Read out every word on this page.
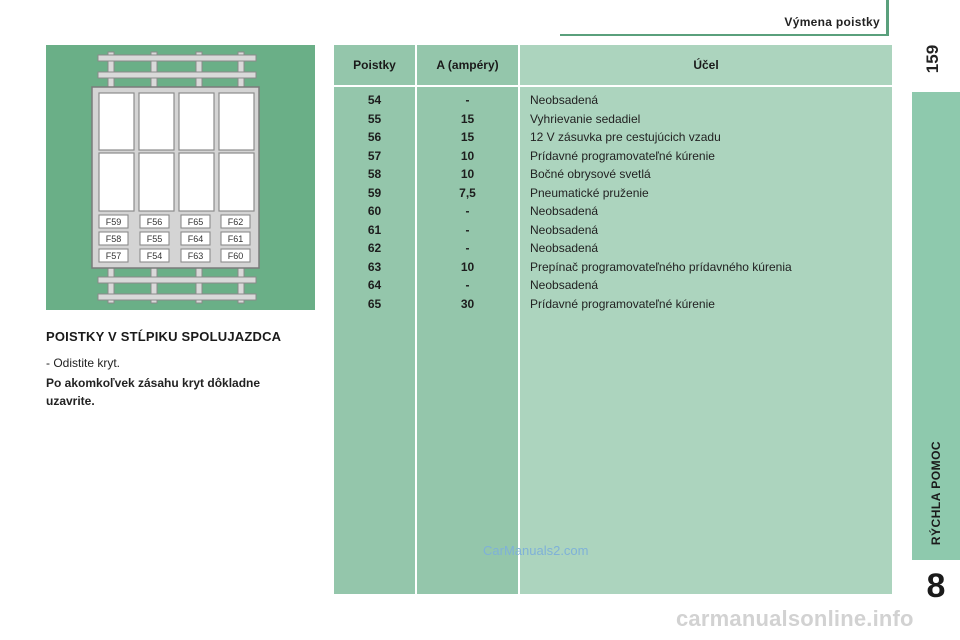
Výmena poistky
159
RÝCHLA POMOC
8
F59	F56	F65	F62
F58	F55	F64	F61
F57	F54	F63	F60
POISTKY V STĹPIKU SPOLUJAZDCA
- Odistite kryt.
Po akomkoľvek zásahu kryt dôkladne uzavrite.
Poistky	A (ampéry)	Účel
54	-	Neobsadená
55	15	Vyhrievanie sedadiel
56	15	12 V zásuvka pre cestujúcich vzadu
57	10	Prídavné programovateľné kúrenie
58	10	Bočné obrysové svetlá
59	7,5	Pneumatické pruženie
60	-	Neobsadená
61	-	Neobsadená
62	-	Neobsadená
63	10	Prepínač programovateľného prídavného kúrenia
64	-	Neobsadená
65	30	Prídavné programovateľné kúrenie
CarManuals2.com
carmanualsonline.info
